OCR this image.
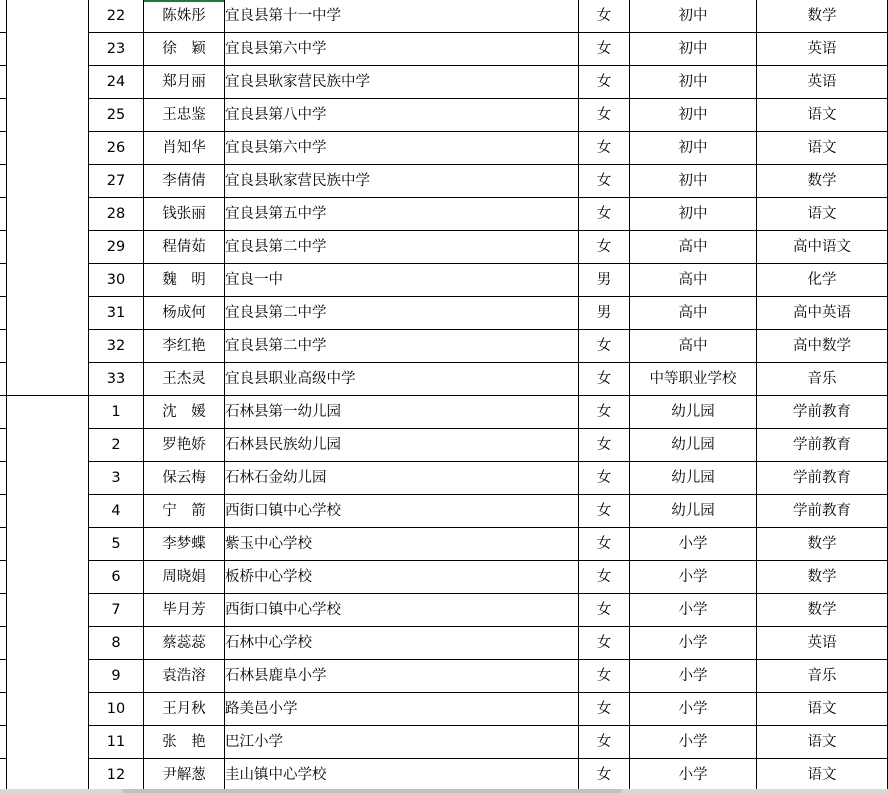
		22	陈姝彤	宜良县第十一中学	女	初中	数学
		23	徐　颖	宜良县第六中学	女	初中	英语
		24	郑月丽	宜良县耿家营民族中学	女	初中	英语
		25	王忠鉴	宜良县第八中学	女	初中	语文
		26	肖知华	宜良县第六中学	女	初中	语文
		27	李倩倩	宜良县耿家营民族中学	女	初中	数学
		28	钱张丽	宜良县第五中学	女	初中	语文
		29	程倩茹	宜良县第二中学	女	高中	高中语文
		30	魏　明	宜良一中	男	高中	化学
		31	杨成何	宜良县第二中学	男	高中	高中英语
		32	李红艳	宜良县第二中学	女	高中	高中数学
		33	王杰灵	宜良县职业高级中学	女	中等职业学校	音乐
		1	沈　媛	石林县第一幼儿园	女	幼儿园	学前教育
		2	罗艳娇	石林县民族幼儿园	女	幼儿园	学前教育
		3	保云梅	石林石金幼儿园	女	幼儿园	学前教育
		4	宁　箭	西街口镇中心学校	女	幼儿园	学前教育
		5	李梦蝶	紫玉中心学校	女	小学	数学
		6	周晓娟	板桥中心学校	女	小学	数学
		7	毕月芳	西街口镇中心学校	女	小学	数学
		8	蔡蕊蕊	石林中心学校	女	小学	英语
		9	袁浩溶	石林县鹿阜小学	女	小学	音乐
		10	王月秋	路美邑小学	女	小学	语文
		11	张　艳	巴江小学	女	小学	语文
		12	尹解葱	圭山镇中心学校	女	小学	语文
